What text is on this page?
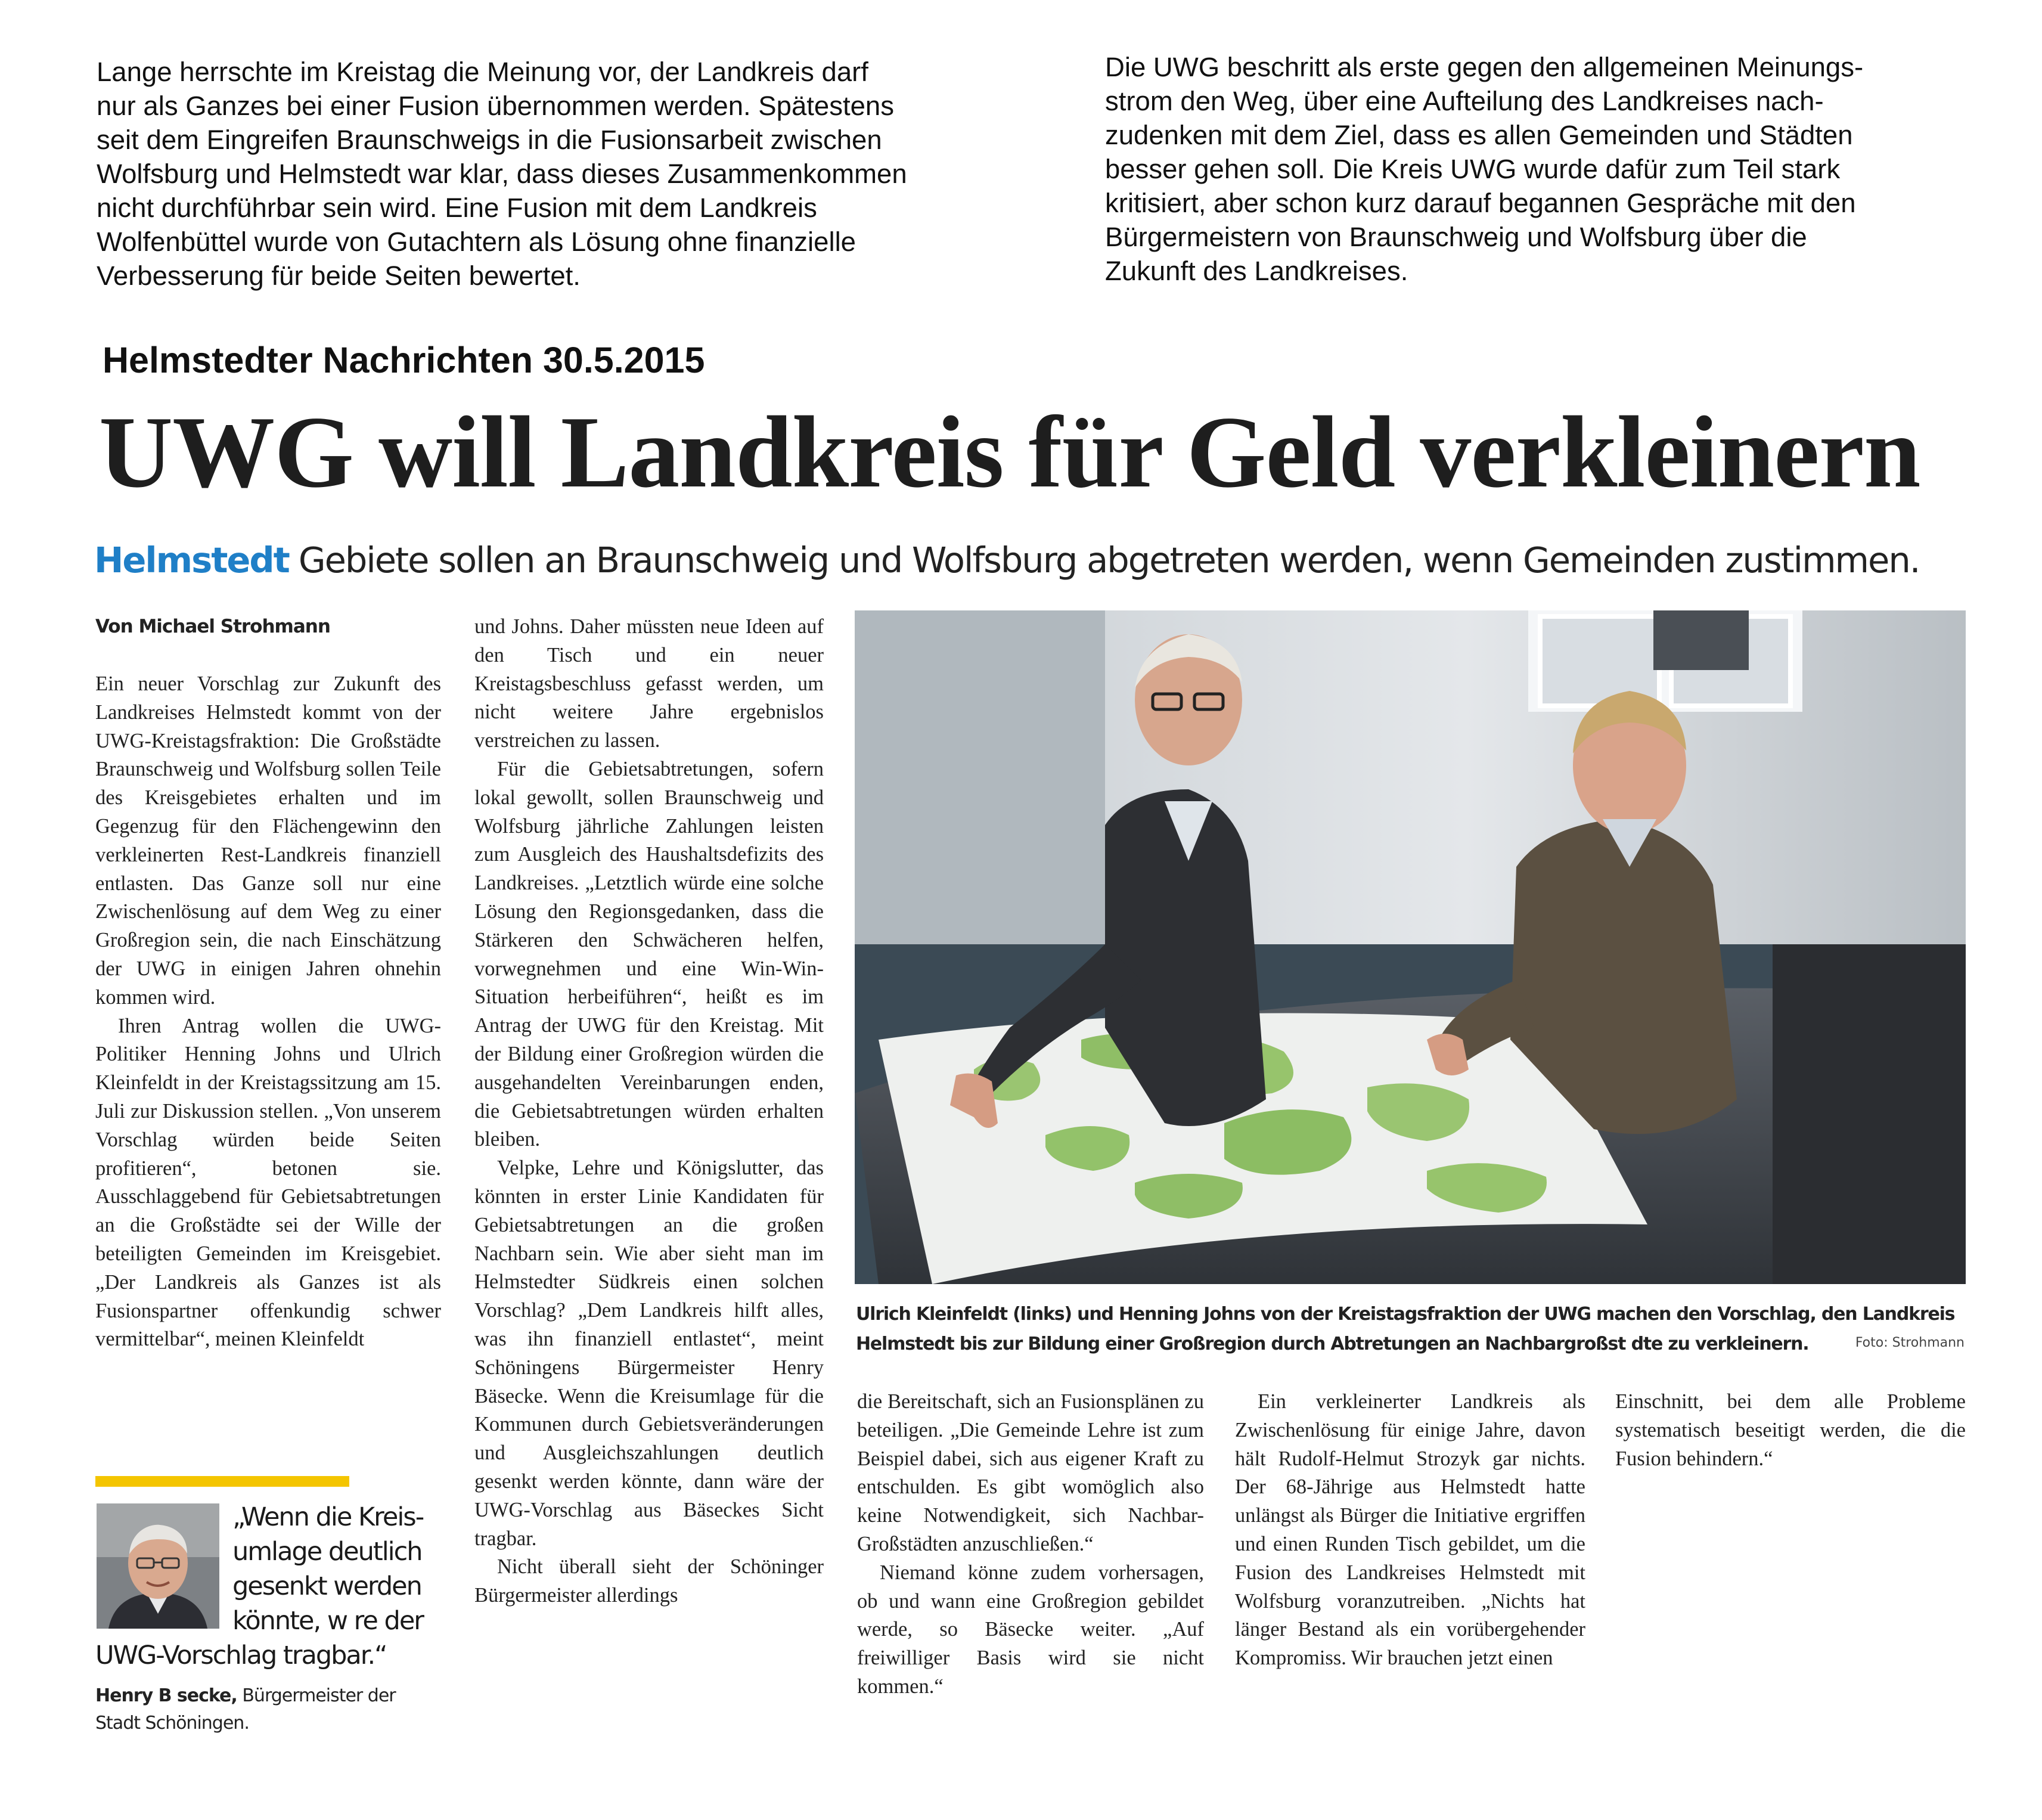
Lange herrschte im Kreistag die Meinung vor, der Landkreis darf
nur als Ganzes bei einer Fusion übernommen werden. Spätestens
seit dem Eingreifen Braunschweigs in die Fusionsarbeit zwischen
Wolfsburg und Helmstedt war klar, dass dieses Zusammenkommen
nicht durchführbar sein wird. Eine Fusion mit dem Landkreis
Wolfenbüttel wurde von Gutachtern als Lösung ohne finanzielle
Verbesserung für beide Seiten bewertet.
Die UWG beschritt als erste gegen den allgemeinen Meinungs-
strom den Weg, über eine Aufteilung des Landkreises nach-
zudenken mit dem Ziel, dass es allen Gemeinden und Städten
besser gehen soll. Die Kreis UWG wurde dafür zum Teil stark
kritisiert, aber schon kurz darauf begannen Gespräche mit den
Bürgermeistern von Braunschweig und Wolfsburg über die
Zukunft des Landkreises.
Helmstedter Nachrichten 30.5.2015
UWG will Landkreis für Geld verkleinern
Helmstedt Gebiete sollen an Braunschweig und Wolfsburg abgetreten werden, wenn Gemeinden zustimmen.
Von Michael Strohmann

Ein neuer Vorschlag zur Zukunft des Landkreises Helmstedt kommt von der UWG-Kreistagsfraktion: Die Großstädte Braunschweig und Wolfsburg sollen Teile des Kreisgebietes erhalten und im Gegenzug für den Flächengewinn den verkleinerten Rest-Landkreis finanziell entlasten. Das Ganze soll nur eine Zwischenlösung auf dem Weg zu einer Großregion sein, die nach Einschätzung der UWG in einigen Jahren ohnehin kommen wird.

Ihren Antrag wollen die UWG-Politiker Henning Johns und Ulrich Kleinfeldt in der Kreistagssitzung am 15. Juli zur Diskussion stellen. „Von unserem Vorschlag würden beide Seiten profitieren“, betonen sie. Ausschlaggebend für Gebietsabtretungen an die Großstädte sei der Wille der beteiligten Gemeinden im Kreisgebiet. „Der Landkreis als Ganzes ist als Fusionspartner offenkundig schwer vermittelbar“, meinen Kleinfeldt

und Johns. Daher müssten neue Ideen auf den Tisch und ein neuer Kreistagsbeschluss gefasst werden, um nicht weitere Jahre ergebnislos verstreichen zu lassen.

Für die Gebietsabtretungen, sofern lokal gewollt, sollen Braunschweig und Wolfsburg jährliche Zahlungen leisten zum Ausgleich des Haushaltsdefizits des Landkreises. „Letztlich würde eine solche Lösung den Regionsgedanken, dass die Stärkeren den Schwächeren helfen, vorwegnehmen und eine Win-Win-Situation herbeiführen“, heißt es im Antrag der UWG für den Kreistag. Mit der Bildung einer Großregion würden die ausgehandelten Vereinbarungen enden, die Gebietsabtretungen würden erhalten bleiben.

Velpke, Lehre und Königslutter, das könnten in erster Linie Kandidaten für Gebietsabtretungen an die großen Nachbarn sein. Wie aber sieht man im Helmstedter Südkreis einen solchen Vorschlag? „Dem Landkreis hilft alles, was ihn finanziell entlastet“, meint Schöningens Bürgermeister Henry Bäsecke. Wenn die Kreisumlage für die Kommunen durch Gebietsveränderungen und Ausgleichszahlungen deutlich gesenkt werden könnte, dann wäre der UWG-Vorschlag aus Bäseckes Sicht tragbar.

Nicht überall sieht der Schöninger Bürgermeister allerdings

die Bereitschaft, sich an Fusionsplänen zu beteiligen. „Die Gemeinde Lehre ist zum Beispiel dabei, sich aus eigener Kraft zu entschulden. Es gibt womöglich also keine Notwendigkeit, sich Nachbar-Großstädten anzuschließen.“

Niemand könne zudem vorhersagen, ob und wann eine Großregion gebildet werde, so Bäsecke weiter. „Auf freiwilliger Basis wird sie nicht kommen.“

Ein verkleinerter Landkreis als Zwischenlösung für einige Jahre, davon hält Rudolf-Helmut Strozyk gar nichts. Der 68-Jährige aus Helmstedt hatte unlängst als Bürger die Initiative ergriffen und einen Runden Tisch gebildet, um die Fusion des Landkreises Helmstedt mit Wolfsburg voranzutreiben. „Nichts hat länger Bestand als ein vorübergehender Kompromiss. Wir brauchen jetzt einen

Einschnitt, bei dem alle Probleme systematisch beseitigt werden, die die Fusion behindern.“

„Wenn die Kreis-
umlage deutlich
gesenkt werden
könnte, w re der
UWG-Vorschlag tragbar.“
Henry B secke, Bürgermeister der
Stadt Schöningen.
Ulrich Kleinfeldt (links) und Henning Johns von der Kreistagsfraktion der UWG machen den Vorschlag, den Landkreis
Helmstedt bis zur Bildung einer Großregion durch Abtretungen an Nachbargroßst dte zu verkleinern.	Foto: Strohmann
